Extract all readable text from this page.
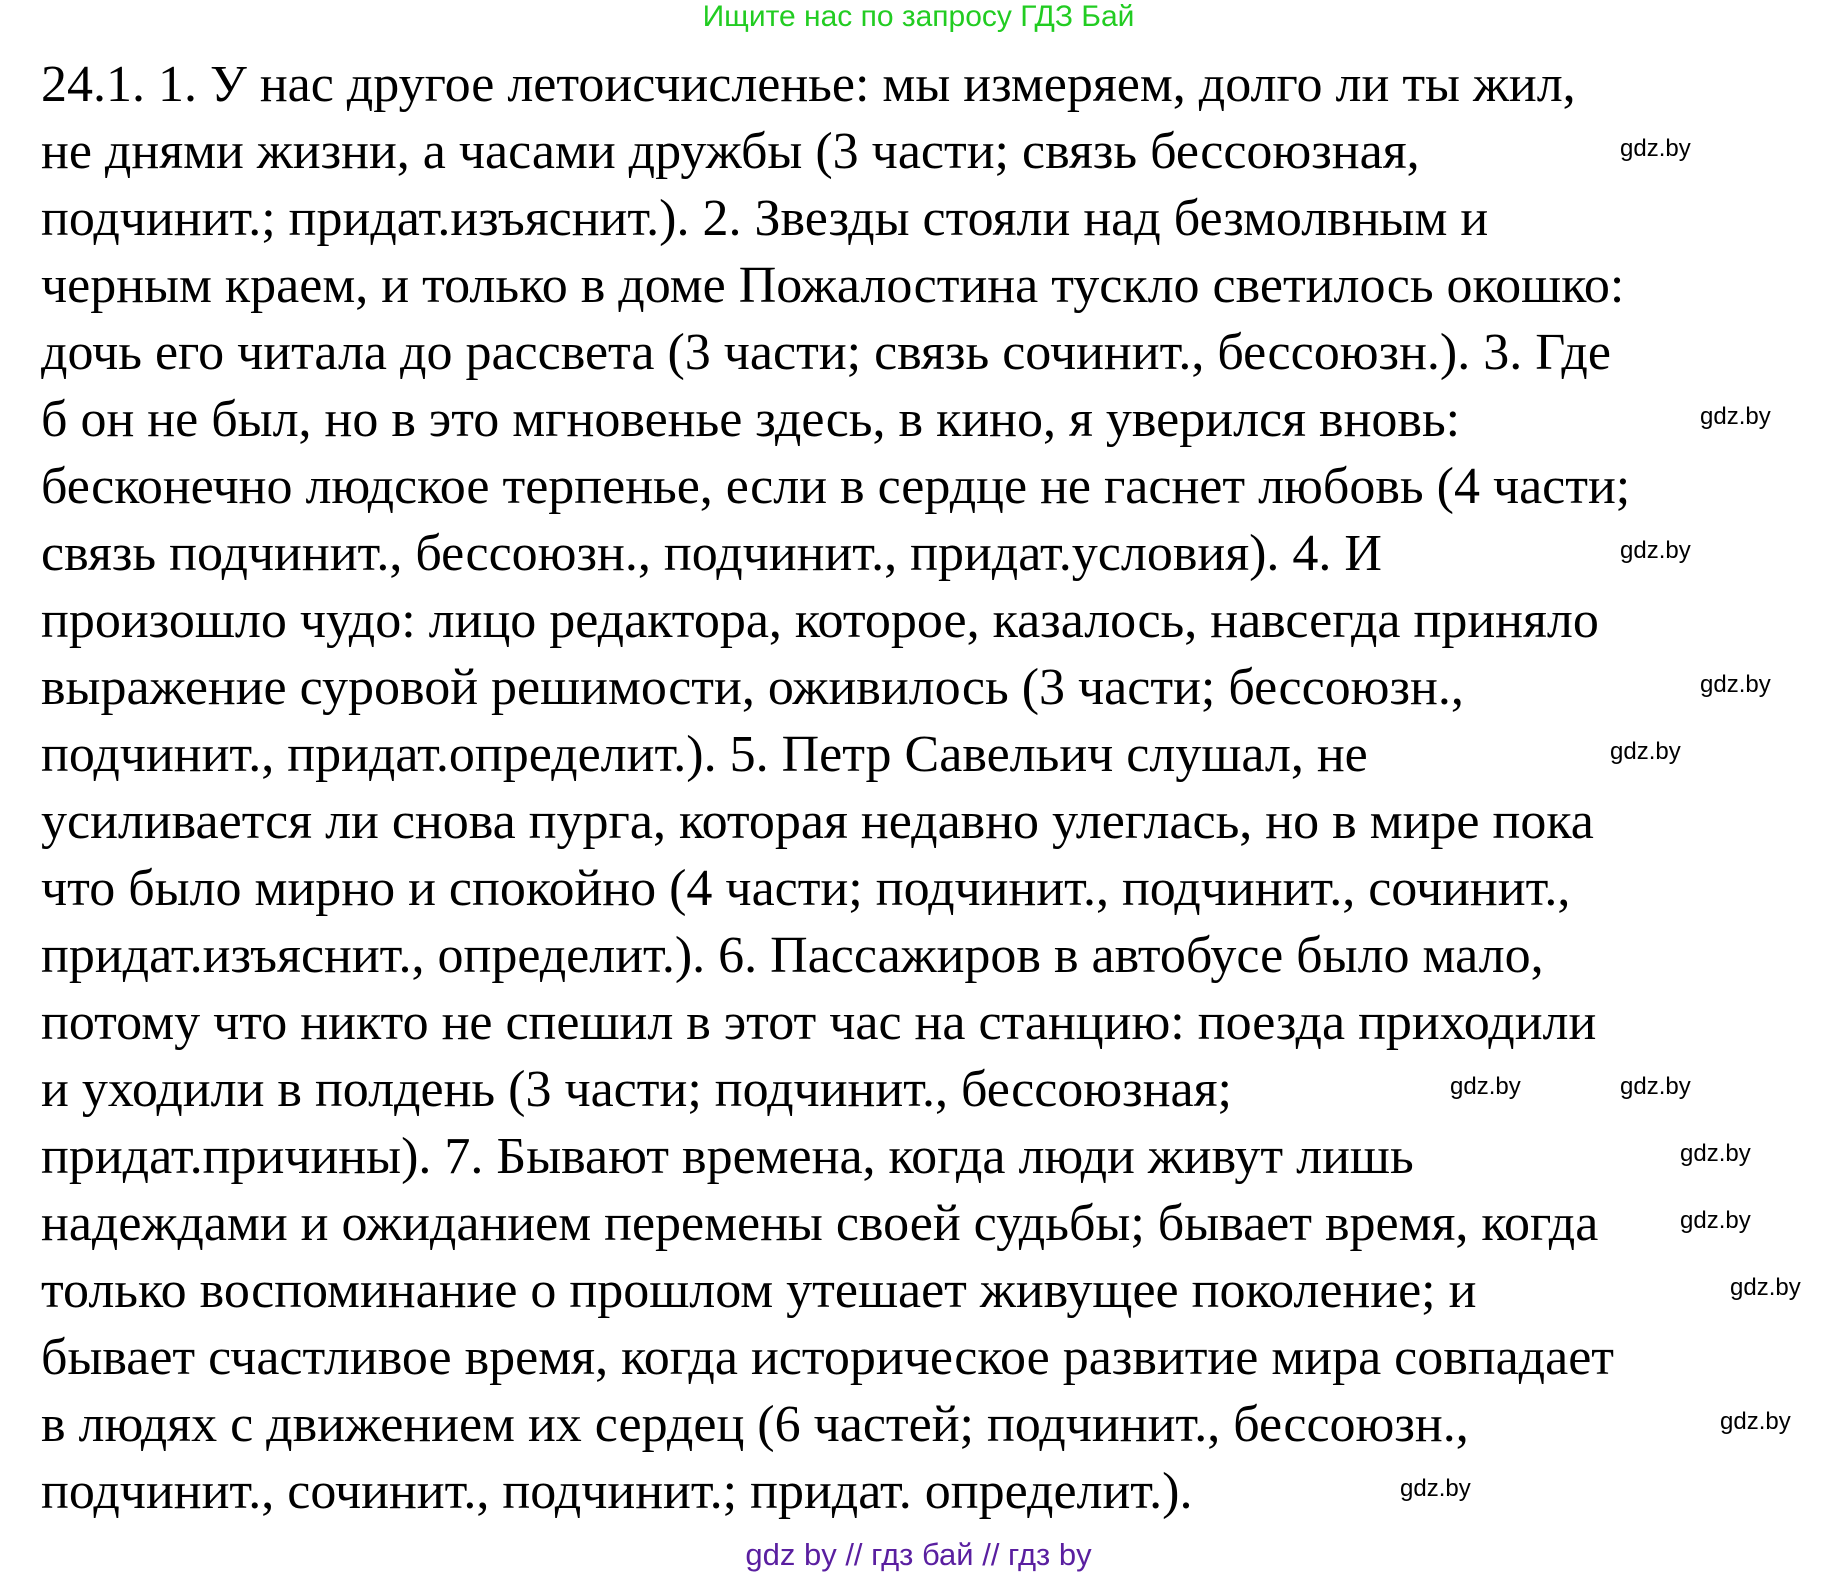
Ищите нас по запросу ГДЗ Бай
24.1. 1. У нас другое летоисчисленье: мы измеряем, долго ли ты жил,
не днями жизни, а часами дружбы (3 части; связь бессоюзная,
подчинит.; придат.изъяснит.). 2. Звезды стояли над безмолвным и
черным краем, и только в доме Пожалостина тускло светилось окошко:
дочь его читала до рассвета (3 части; связь сочинит., бессоюзн.). 3. Где
б он не был, но в это мгновенье здесь, в кино, я уверился вновь:
бесконечно людское терпенье, если в сердце не гаснет любовь (4 части;
связь подчинит., бессоюзн., подчинит., придат.условия). 4. И
произошло чудо: лицо редактора, которое, казалось, навсегда приняло
выражение суровой решимости, оживилось (3 части; бессоюзн.,
подчинит., придат.определит.). 5. Петр Савельич слушал, не
усиливается ли снова пурга, которая недавно улеглась, но в мире пока
что было мирно и спокойно (4 части; подчинит., подчинит., сочинит.,
придат.изъяснит., определит.). 6. Пассажиров в автобусе было мало,
потому что никто не спешил в этот час на станцию: поезда приходили
и уходили в полдень (3 части; подчинит., бессоюзная;
придат.причины). 7. Бывают времена, когда люди живут лишь
надеждами и ожиданием перемены своей судьбы; бывает время, когда
только воспоминание о прошлом утешает живущее поколение; и
бывает счастливое время, когда историческое развитие мира совпадает
в людях с движением их сердец (6 частей; подчинит., бессоюзн.,
подчинит., сочинит., подчинит.; придат. определит.).
gdz.by
gdz.by
gdz.by
gdz.by
gdz.by
gdz.by	gdz.by
gdz.by
gdz.by
gdz.by
gdz.by
gdz.by
gdz by // гдз бай // гдз by
